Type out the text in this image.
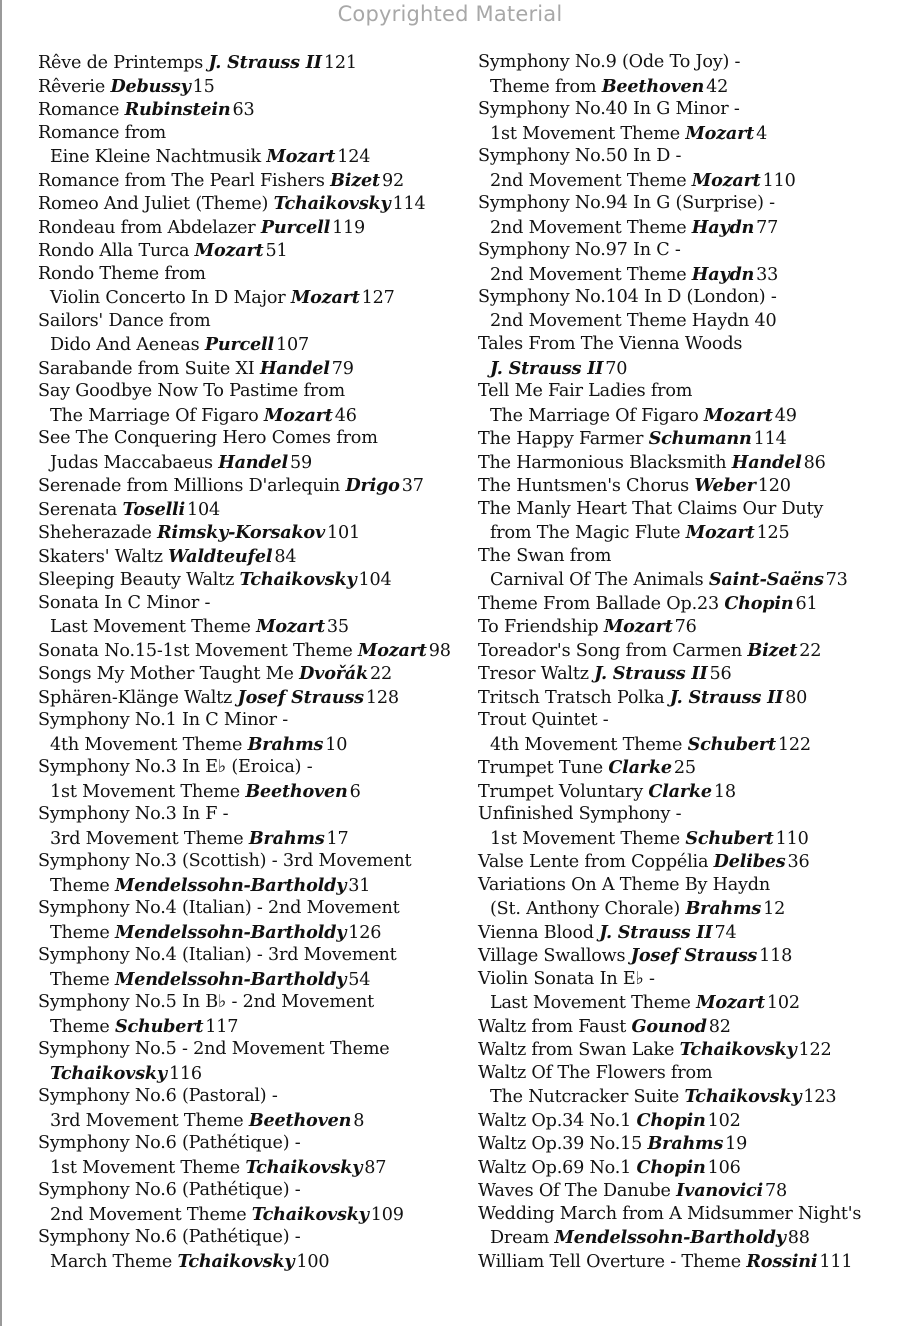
Copyrighted Material
Rêve de Printemps J. Strauss II 121
Rêverie Debussy 15
Romance Rubinstein 63
Romance from
Eine Kleine Nachtmusik Mozart 124
Romance from The Pearl Fishers Bizet 92
Romeo And Juliet (Theme) Tchaikovsky 114
Rondeau from Abdelazer Purcell 119
Rondo Alla Turca Mozart 51
Rondo Theme from
Violin Concerto In D Major Mozart 127
Sailors' Dance from
Dido And Aeneas Purcell 107
Sarabande from Suite XI Handel 79
Say Goodbye Now To Pastime from
The Marriage Of Figaro Mozart 46
See The Conquering Hero Comes from
Judas Maccabaeus Handel 59
Serenade from Millions D'arlequin Drigo 37
Serenata Toselli 104
Sheherazade Rimsky-Korsakov 101
Skaters' Waltz Waldteufel 84
Sleeping Beauty Waltz Tchaikovsky 104
Sonata In C Minor -
Last Movement Theme Mozart 35
Sonata No.15-1st Movement Theme Mozart 98
Songs My Mother Taught Me Dvořák 22
Sphären-Klänge Waltz Josef Strauss 128
Symphony No.1 In C Minor -
4th Movement Theme Brahms 10
Symphony No.3 In E♭ (Eroica) -
1st Movement Theme Beethoven 6
Symphony No.3 In F -
3rd Movement Theme Brahms 17
Symphony No.3 (Scottish) - 3rd Movement
Theme Mendelssohn-Bartholdy 31
Symphony No.4 (Italian) - 2nd Movement
Theme Mendelssohn-Bartholdy 126
Symphony No.4 (Italian) - 3rd Movement
Theme Mendelssohn-Bartholdy 54
Symphony No.5 In B♭ - 2nd Movement
Theme Schubert 117
Symphony No.5 - 2nd Movement Theme
Tchaikovsky 116
Symphony No.6 (Pastoral) -
3rd Movement Theme Beethoven 8
Symphony No.6 (Pathétique) -
1st Movement Theme Tchaikovsky 87
Symphony No.6 (Pathétique) -
2nd Movement Theme Tchaikovsky 109
Symphony No.6 (Pathétique) -
March Theme Tchaikovsky 100
Symphony No.9 (Ode To Joy) -
Theme from Beethoven 42
Symphony No.40 In G Minor -
1st Movement Theme Mozart 4
Symphony No.50 In D -
2nd Movement Theme Mozart 110
Symphony No.94 In G (Surprise) -
2nd Movement Theme Haydn 77
Symphony No.97 In C -
2nd Movement Theme Haydn 33
Symphony No.104 In D (London) -
2nd Movement Theme Haydn 40
Tales From The Vienna Woods
J. Strauss II 70
Tell Me Fair Ladies from
The Marriage Of Figaro Mozart 49
The Happy Farmer Schumann 114
The Harmonious Blacksmith Handel 86
The Huntsmen's Chorus Weber 120
The Manly Heart That Claims Our Duty
from The Magic Flute Mozart 125
The Swan from
Carnival Of The Animals Saint-Saëns 73
Theme From Ballade Op.23 Chopin 61
To Friendship Mozart 76
Toreador's Song from Carmen Bizet 22
Tresor Waltz J. Strauss II 56
Tritsch Tratsch Polka J. Strauss II 80
Trout Quintet -
4th Movement Theme Schubert 122
Trumpet Tune Clarke 25
Trumpet Voluntary Clarke 18
Unfinished Symphony -
1st Movement Theme Schubert 110
Valse Lente from Coppélia Delibes 36
Variations On A Theme By Haydn
(St. Anthony Chorale) Brahms 12
Vienna Blood J. Strauss II 74
Village Swallows Josef Strauss 118
Violin Sonata In E♭ -
Last Movement Theme Mozart 102
Waltz from Faust Gounod 82
Waltz from Swan Lake Tchaikovsky 122
Waltz Of The Flowers from
The Nutcracker Suite Tchaikovsky 123
Waltz Op.34 No.1 Chopin 102
Waltz Op.39 No.15 Brahms 19
Waltz Op.69 No.1 Chopin 106
Waves Of The Danube Ivanovici 78
Wedding March from A Midsummer Night's
Dream Mendelssohn-Bartholdy 88
William Tell Overture - Theme Rossini 111
